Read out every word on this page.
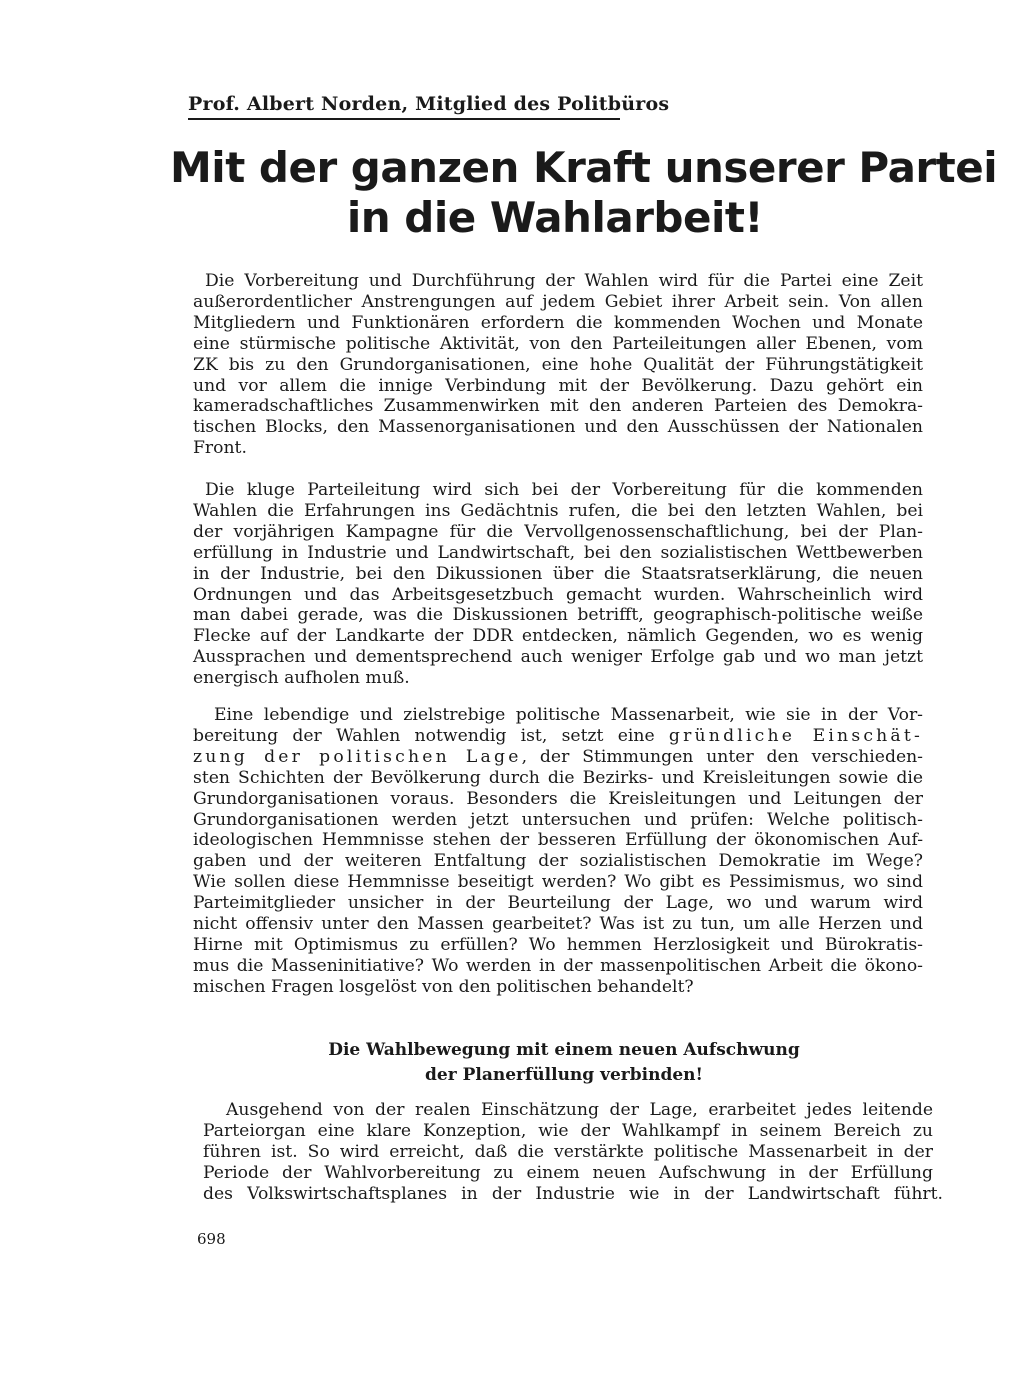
Prof. Albert Norden, Mitglied des Politbüros
Mit der ganzen Kraft unserer Partei
in die Wahlarbeit!
Die Vorbereitung und Durchführung der Wahlen wird für die Partei eine Zeit
außerordentlicher Anstrengungen auf jedem Gebiet ihrer Arbeit sein. Von allen
Mitgliedern und Funktionären erfordern die kommenden Wochen und Monate
eine stürmische politische Aktivität, von den Parteileitungen aller Ebenen, vom
ZK bis zu den Grundorganisationen, eine hohe Qualität der Führungstätigkeit
und vor allem die innige Verbindung mit der Bevölkerung. Dazu gehört ein
kameradschaftliches Zusammenwirken mit den anderen Parteien des Demokra-
tischen Blocks, den Massenorganisationen und den Ausschüssen der Nationalen
Front.
Die kluge Parteileitung wird sich bei der Vorbereitung für die kommenden
Wahlen die Erfahrungen ins Gedächtnis rufen, die bei den letzten Wahlen, bei
der vorjährigen Kampagne für die Vervollgenossenschaftlichung, bei der Plan-
erfüllung in Industrie und Landwirtschaft, bei den sozialistischen Wettbewerben
in der Industrie, bei den Dikussionen über die Staatsratserklärung, die neuen
Ordnungen und das Arbeitsgesetzbuch gemacht wurden. Wahrscheinlich wird
man dabei gerade, was die Diskussionen betrifft, geographisch-politische weiße
Flecke auf der Landkarte der DDR entdecken, nämlich Gegenden, wo es wenig
Aussprachen und dementsprechend auch weniger Erfolge gab und wo man jetzt
energisch aufholen muß.
Eine lebendige und zielstrebige politische Massenarbeit, wie sie in der Vor-
bereitung der Wahlen notwendig ist, setzt eine gründliche Einschät-
zung der politischen Lage, der Stimmungen unter den verschieden-
sten Schichten der Bevölkerung durch die Bezirks- und Kreisleitungen sowie die
Grundorganisationen voraus. Besonders die Kreisleitungen und Leitungen der
Grundorganisationen werden jetzt untersuchen und prüfen: Welche politisch-
ideologischen Hemmnisse stehen der besseren Erfüllung der ökonomischen Auf-
gaben und der weiteren Entfaltung der sozialistischen Demokratie im Wege?
Wie sollen diese Hemmnisse beseitigt werden? Wo gibt es Pessimismus, wo sind
Parteimitglieder unsicher in der Beurteilung der Lage, wo und warum wird
nicht offensiv unter den Massen gearbeitet? Was ist zu tun, um alle Herzen und
Hirne mit Optimismus zu erfüllen? Wo hemmen Herzlosigkeit und Bürokratis-
mus die Masseninitiative? Wo werden in der massenpolitischen Arbeit die ökono-
mischen Fragen losgelöst von den politischen behandelt?
Die Wahlbewegung mit einem neuen Aufschwung
der Planerfüllung verbinden!
Ausgehend von der realen Einschätzung der Lage, erarbeitet jedes leitende
Parteiorgan eine klare Konzeption, wie der Wahlkampf in seinem Bereich zu
führen ist. So wird erreicht, daß die verstärkte politische Massenarbeit in der
Periode der Wahlvorbereitung zu einem neuen Aufschwung in der Erfüllung
des Volkswirtschaftsplanes in der Industrie wie in der Landwirtschaft führt.
698
